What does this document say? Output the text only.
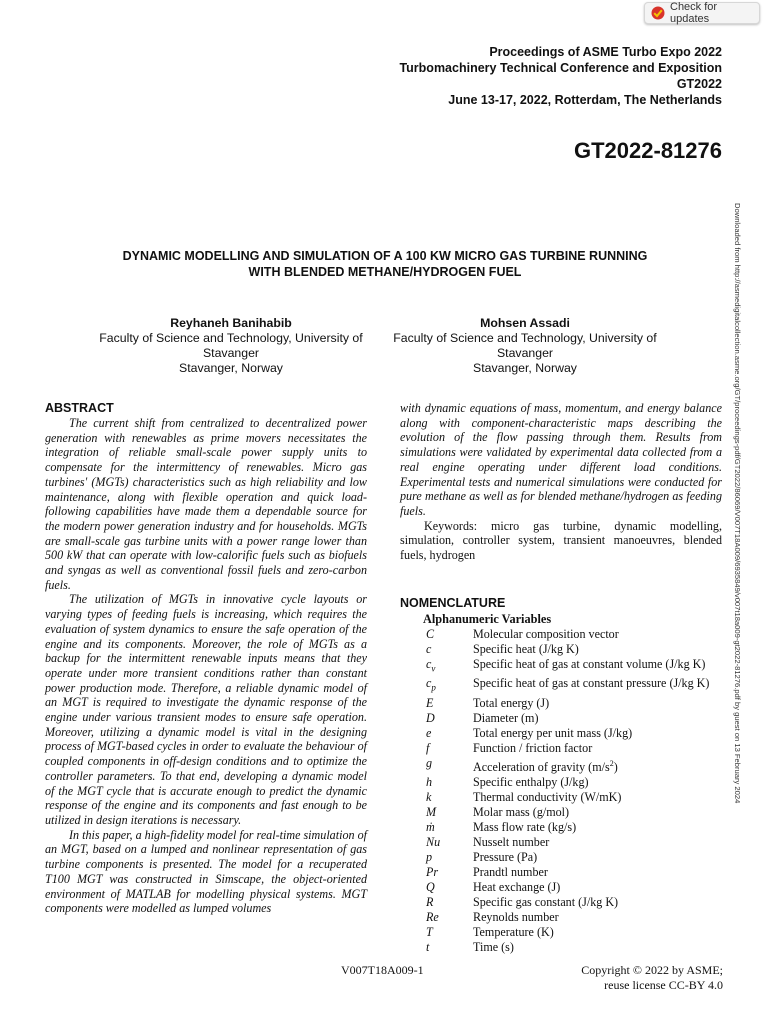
Check for updates
Proceedings of ASME Turbo Expo 2022
Turbomachinery Technical Conference and Exposition
GT2022
June 13-17, 2022, Rotterdam, The Netherlands
GT2022-81276
Downloaded from http://asmedigitalcollection.asme.org/GT/proceedings-pdf/GT2022/86069/V007T18A009/6935849/v007t18a009-gt2022-81276.pdf by guest on 13 February 2024
DYNAMIC MODELLING AND SIMULATION OF A 100 KW MICRO GAS TURBINE RUNNING
WITH BLENDED METHANE/HYDROGEN FUEL
Reyhaneh Banihabib
Faculty of Science and Technology, University of
Stavanger
Stavanger, Norway
Mohsen Assadi
Faculty of Science and Technology, University of
Stavanger
Stavanger, Norway
ABSTRACT

The current shift from centralized to decentralized power generation with renewables as prime movers necessitates the integration of reliable small-scale power supply units to compensate for the intermittency of renewables. Micro gas turbines' (MGTs) characteristics such as high reliability and low maintenance, along with flexible operation and quick load-following capabilities have made them a dependable source for the modern power generation industry and for households. MGTs are small-scale gas turbine units with a power range lower than 500 kW that can operate with low-calorific fuels such as biofuels and syngas as well as conventional fossil fuels and zero-carbon fuels.

The utilization of MGTs in innovative cycle layouts or varying types of feeding fuels is increasing, which requires the evaluation of system dynamics to ensure the safe operation of the engine and its components. Moreover, the role of MGTs as a backup for the intermittent renewable inputs means that they operate under more transient conditions rather than constant power production mode. Therefore, a reliable dynamic model of an MGT is required to investigate the dynamic response of the engine under various transient modes to ensure safe operation. Moreover, utilizing a dynamic model is vital in the designing process of MGT-based cycles in order to evaluate the behaviour of coupled components in off-design conditions and to optimize the controller parameters. To that end, developing a dynamic model of the MGT cycle that is accurate enough to predict the dynamic response of the engine and its components and fast enough to be utilized in design iterations is necessary.

In this paper, a high-fidelity model for real-time simulation of an MGT, based on a lumped and nonlinear representation of gas turbine components is presented. The model for a recuperated T100 MGT was constructed in Simscape, the object-oriented environment of MATLAB for modelling physical systems. MGT components were modelled as lumped volumes

with dynamic equations of mass, momentum, and energy balance along with component-characteristic maps describing the evolution of the flow passing through them. Results from simulations were validated by experimental data collected from a real engine operating under different load conditions. Experimental tests and numerical simulations were conducted for pure methane as well as for blended methane/hydrogen as feeding fuels.

Keywords: micro gas turbine, dynamic modelling, simulation, controller system, transient manoeuvres, blended fuels, hydrogen

NOMENCLATURE
Alphanumeric Variables
C	Molecular composition vector
c	Specific heat (J/kg K)
$c_v$	Specific heat of gas at constant volume (J/kg K)
$c_p$	Specific heat of gas at constant pressure (J/kg K)
E	Total energy (J)
D	Diameter (m)
e	Total energy per unit mass (J/kg)
f	Function / friction factor
g	Acceleration of gravity $(m/s^2)$
h	Specific enthalpy (J/kg)
k	Thermal conductivity (W/mK)
M	Molar mass (g/mol)
ṁ	Mass flow rate (kg/s)
Nu	Nusselt number
p	Pressure (Pa)
Pr	Prandtl number
Q	Heat exchange (J)
R	Specific gas constant (J/kg K)
Re	Reynolds number
T	Temperature (K)
t	Time (s)
V007T18A009-1	Copyright © 2022 by ASME;
reuse license CC-BY 4.0
